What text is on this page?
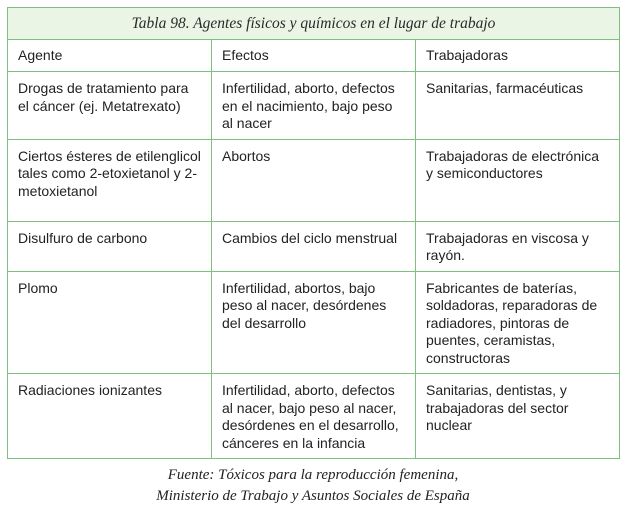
Tabla 98. Agentes físicos y químicos en el lugar de trabajo		
Agente	Efectos	Trabajadoras
Drogas de tratamiento para el cáncer (ej. Metatrexato)	Infertilidad, aborto, defectos en el nacimiento, bajo peso al nacer	Sanitarias, farmacéuticas
Ciertos ésteres de etilenglicol tales como 2-etoxietanol y 2-metoxietanol	Abortos	Trabajadoras de electrónica y semiconductores
Disulfuro de carbono	Cambios del ciclo menstrual	Trabajadoras en viscosa y rayón.
Plomo	Infertilidad, abortos, bajo peso al nacer, desórdenes del desarrollo	Fabricantes de baterías, soldadoras, reparadoras de radiadores, pintoras de puentes, ceramistas, constructoras
Radiaciones ionizantes	Infertilidad, aborto, defectos al nacer, bajo peso al nacer, desórdenes en el desarrollo, cánceres en la infancia	Sanitarias, dentistas, y trabajadoras del sector nuclear
Fuente: Tóxicos para la reproducción femenina,
Ministerio de Trabajo y Asuntos Sociales de España
